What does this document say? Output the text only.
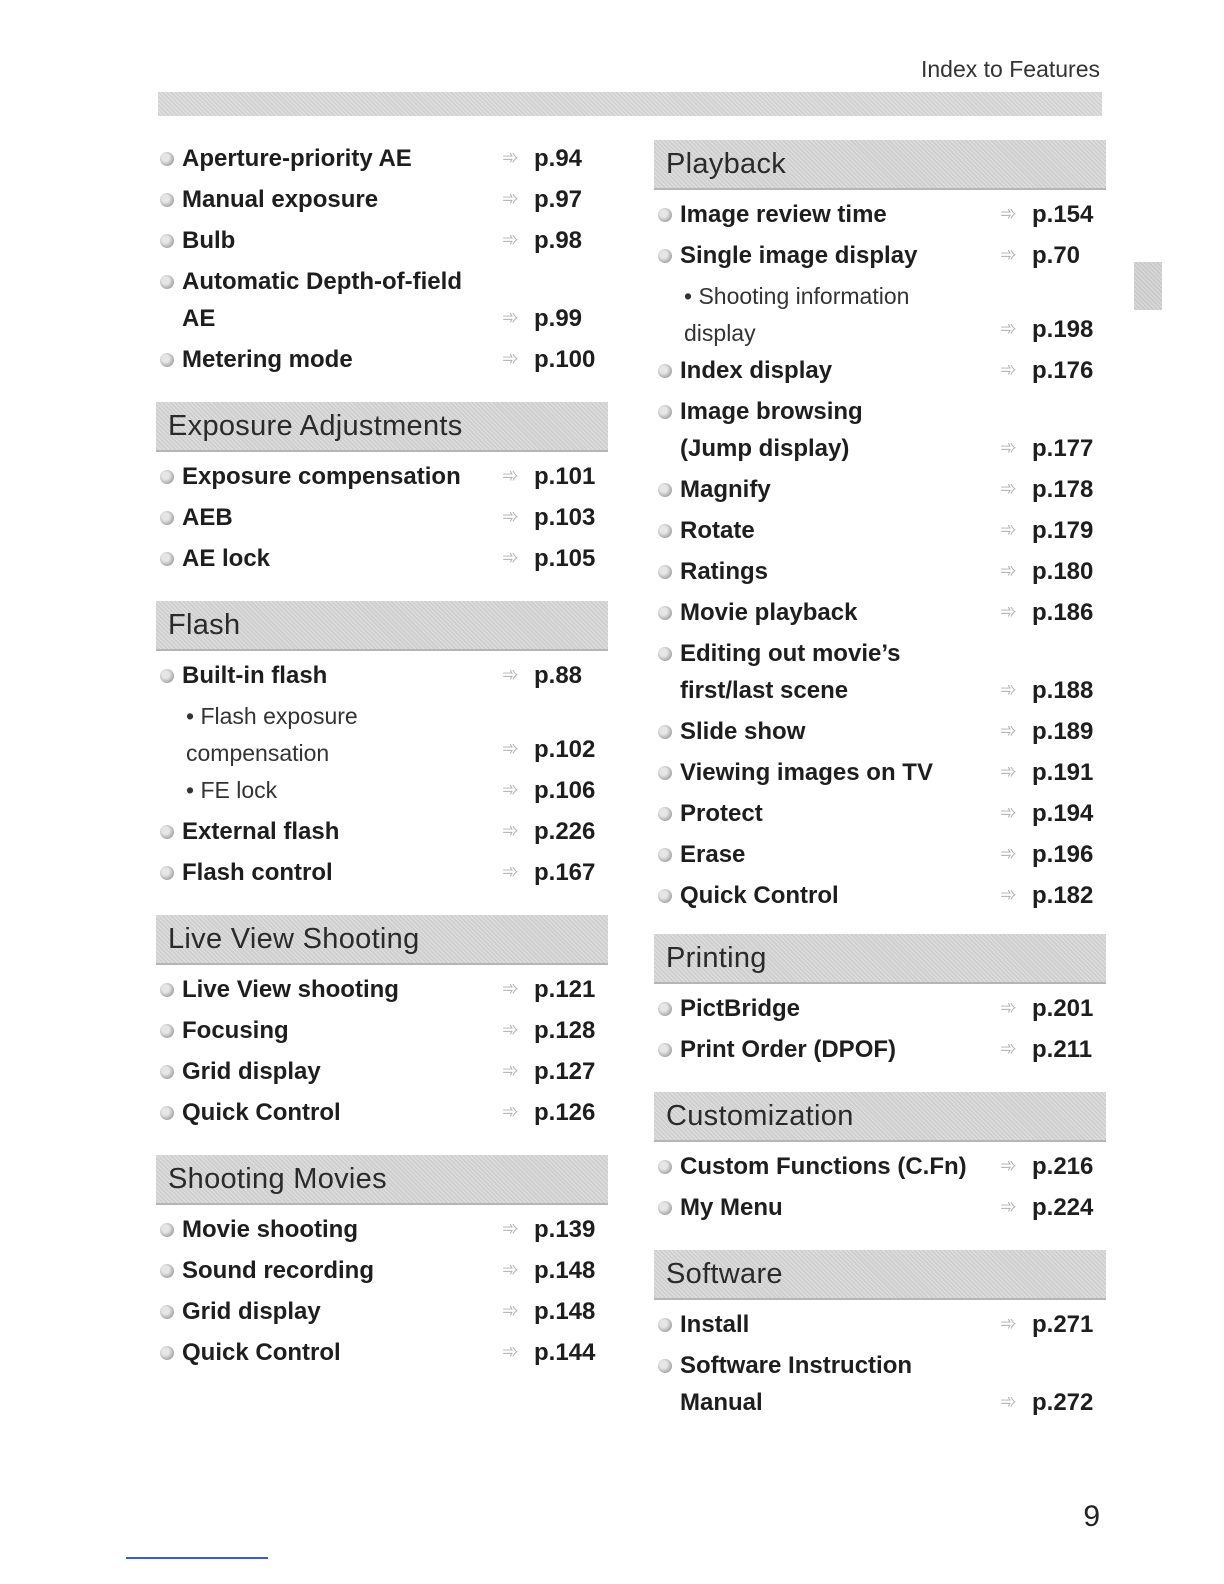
Index to Features
Aperture-priority AE	➾ p.94
Manual exposure	➾ p.97
Bulb	➾ p.98
Automatic Depth-of-field
AE	➾ p.99
Metering mode	➾ p.100
Exposure Adjustments
Exposure compensation	➾ p.101
AEB	➾ p.103
AE lock	➾ p.105
Flash
Built-in flash	➾ p.88
• Flash exposure
compensation	➾ p.102
• FE lock	➾ p.106
External flash	➾ p.226
Flash control	➾ p.167
Live View Shooting
Live View shooting	➾ p.121
Focusing	➾ p.128
Grid display	➾ p.127
Quick Control	➾ p.126
Shooting Movies
Movie shooting	➾ p.139
Sound recording	➾ p.148
Grid display	➾ p.148
Quick Control	➾ p.144
Playback
Image review time	➾ p.154
Single image display	➾ p.70
• Shooting information
display	➾ p.198
Index display	➾ p.176
Image browsing
(Jump display)	➾ p.177
Magnify	➾ p.178
Rotate	➾ p.179
Ratings	➾ p.180
Movie playback	➾ p.186
Editing out movie’s
first/last scene	➾ p.188
Slide show	➾ p.189
Viewing images on TV	➾ p.191
Protect	➾ p.194
Erase	➾ p.196
Quick Control	➾ p.182
Printing
PictBridge	➾ p.201
Print Order (DPOF)	➾ p.211
Customization
Custom Functions (C.Fn)	➾ p.216
My Menu	➾ p.224
Software
Install	➾ p.271
Software Instruction
Manual	➾ p.272
9
